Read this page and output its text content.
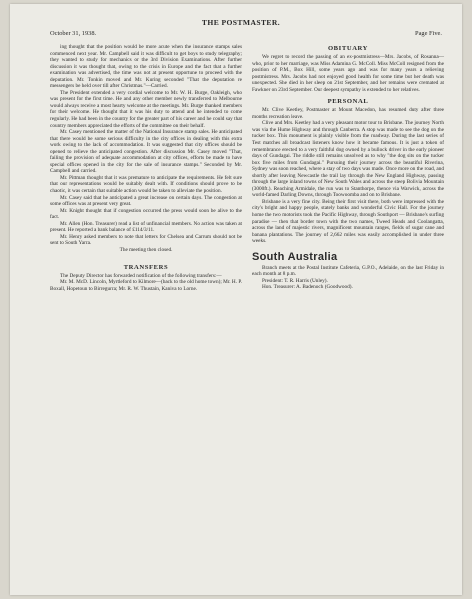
October 31, 1938.
THE POSTMASTER.
Page Five.

ing thought that the position would be more acute when the insurance stamps sales commenced next year. Mr. Campbell said it was difficult to get boys to study telegraphy; they wanted to study for mechanics or the 3rd Division Examinations. After further discussion it was thought that, owing to the crisis in Europe and the fact that a further examination was advertised, the time was not at present opportune to proceed with the deputation. Mr. Tonkin moved and Mr. Kuring seconded "That the deputation re messengers be held over till after Christmas."—Carried.

The President extended a very cordial welcome to Mr. W. H. Burge, Oakleigh, who was present for the first time. He and any other member newly transferred to Melbourne would always receive a most hearty welcome at the meetings. Mr. Burge thanked members for their welcome. He thought that it was his duty to attend and he intended to come regularly. He had been in the country for the greater part of his career and he could say that country members appreciated the efforts of the committee on their behalf.

Mr. Casey mentioned the matter of the National Insurance stamp sales. He anticipated that there would be some serious difficulty in the city offices in dealing with this extra work owing to the lack of accommodation. It was suggested that city offices should be opened to relieve the anticipated congestion. After discussion Mr. Casey moved "That, failing the provision of adequate accommodation at city offices, efforts be made to have special offices opened in the city for the sale of insurance stamps." Seconded by Mr. Campbell and carried.

Mr. Pittman thought that it was premature to anticipate the requirements. He felt sure that our representations would be suitably dealt with. If conditions should prove to be chaotic, it was certain that suitable action would be taken to alleviate the position.

Mr. Casey said that he anticipated a great increase on certain days. The congestion at some offices was at present very great.

Mr. Knight thought that if congestion occurred the press would soon be alive to the fact.

Mr. Allen (Hon. Treasurer) read a list of unfinancial members. No action was taken at present. He reported a bank balance of £114/3/11.

Mr. Henry asked members to note that letters for Chelsea and Carrum should not be sent to South Yarra.

The meeting then closed.

TRANSFERS

The Deputy Director has forwarded notification of the following transfers:—

Mr. M. McD. Lincoln, Myrtleford to Kilmore—(back to the old home town); Mr. H. P. Boxall, Hopetoun to Birregurra; Mr. R. W. Thustain, Kaniva to Lorne.

OBITUARY

We regret to record the passing of an ex-postmistress—Mrs. Jacobs, of Rosanna—who, prior to her marriage, was Miss Adamina G. McColl. Miss McColl resigned from the position of P.M., Box Hill, some years ago and was for many years a relieving postmistress. Mrs. Jacobs had not enjoyed good health for some time but her death was unexpected. She died in her sleep on 21st September, and her remains were cremated at Fawkner on 23rd September. Our deepest sympathy is extended to her relatives.

PERSONAL

Mr. Clive Keetley, Postmaster at Mount Macedon, has resumed duty after three months recreation leave.

Clive and Mrs. Keetley had a very pleasant motor tour to Brisbane. The journey North was via the Hume Highway and through Canberra. A stop was made to see the dog on the tucker box. This monument is plainly visible from the roadway. During the last series of Test matches all broadcast listeners know how it became famous. It is just a token of remembrance erected to a very faithful dog owned by a bullock driver in the early pioneer days of Gundagai. The riddle still remains unsolved as to why "the dog sits on the tucker box five miles from Gundagai." Pursuing their journey across the beautiful Riverina, Sydney was soon reached, where a stay of two days was made. Once more on the road, and shortly after leaving Newcastle the trail lay through the New England Highway, passing through the large inland towns of New South Wales and across the steep Bolivia Mountain (3000ft.). Reaching Armidale, the run was to Stanthorpe, thence via Warwick, across the world-famed Darling Downs, through Toowoomba and on to Brisbane.

Brisbane is a very fine city. Being their first visit there, both were impressed with the city's bright and happy people, stately banks and wonderful Civic Hall. For the journey home the two motorists took the Pacific Highway, through Southport — Brisbane's surfing paradise — then that border town with the two names, Tweed Heads and Coolangatta, across the land of majestic rivers, magnificent mountain ranges, fields of sugar cane and banana plantations. The journey of 2,662 miles was easily accomplished in under three weeks.

South Australia

Branch meets at the Postal Institute Cafeteria, G.P.O., Adelaide, on the last Friday in each month at 8 p.m.

President: T. R. Harris (Unley).

Hon. Treasurer: A. Badenoch (Goodwood).
